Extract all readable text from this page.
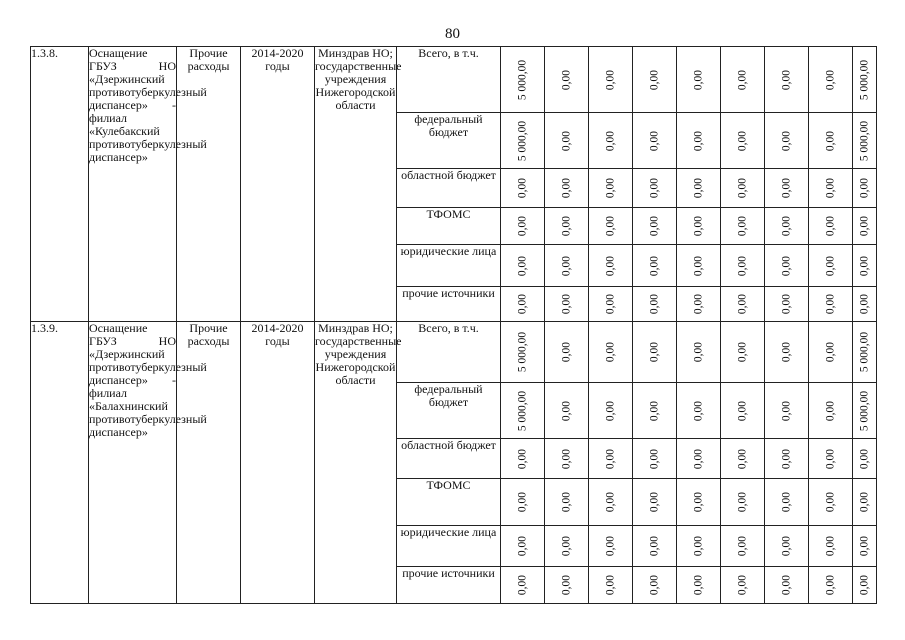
80
1.3.8.	Оснащение ГБУЗ НО «Дзержинский противотуберкулезный диспансер» - филиал «Кулебакский противотуберкулезный диспансер»	Прочие расходы	2014-2020 годы	Минздрав НО; государственные учреждения Нижегородской области	Всего, в т.ч.	5 000,00	0,00	0,00	0,00	0,00	0,00	0,00	0,00	5 000,00

					федеральный бюджет	5 000,00	0,00	0,00	0,00	0,00	0,00	0,00	0,00	5 000,00

					областной бюджет	0,00	0,00	0,00	0,00	0,00	0,00	0,00	0,00	0,00

					ТФОМС	0,00	0,00	0,00	0,00	0,00	0,00	0,00	0,00	0,00

					юридические лица	0,00	0,00	0,00	0,00	0,00	0,00	0,00	0,00	0,00

					прочие источники	0,00	0,00	0,00	0,00	0,00	0,00	0,00	0,00	0,00

1.3.9.	Оснащение ГБУЗ НО «Дзержинский противотуберкулезный диспансер» - филиал «Балахнинский противотуберкулезный диспансер»	Прочие расходы	2014-2020 годы	Минздрав НО; государственные учреждения Нижегородской области	Всего, в т.ч.	5 000,00	0,00	0,00	0,00	0,00	0,00	0,00	0,00	5 000,00

					федеральный бюджет	5 000,00	0,00	0,00	0,00	0,00	0,00	0,00	0,00	5 000,00

					областной бюджет	0,00	0,00	0,00	0,00	0,00	0,00	0,00	0,00	0,00

					ТФОМС	0,00	0,00	0,00	0,00	0,00	0,00	0,00	0,00	0,00

					юридические лица	0,00	0,00	0,00	0,00	0,00	0,00	0,00	0,00	0,00

					прочие источники	0,00	0,00	0,00	0,00	0,00	0,00	0,00	0,00	0,00
